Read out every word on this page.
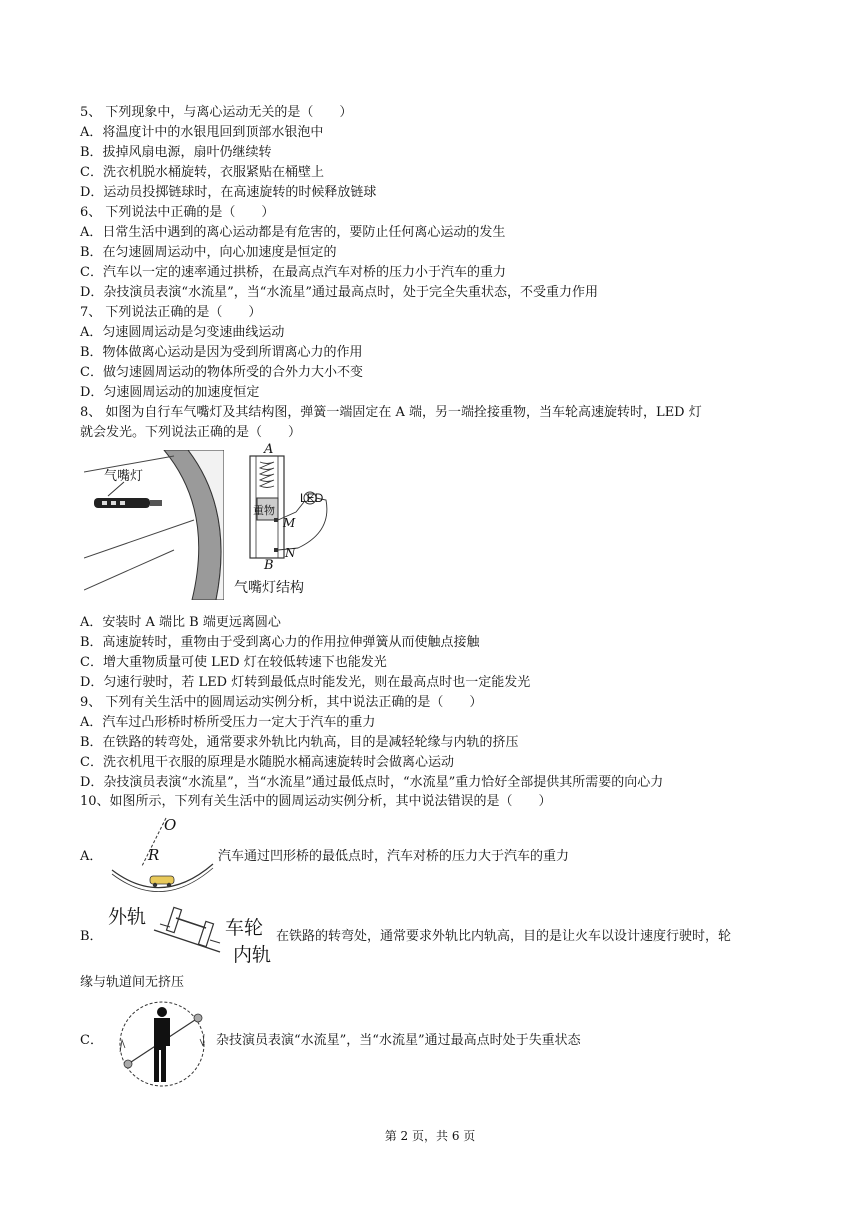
5、 下列现象中，与离心运动无关的是（　　）
A．将温度计中的水银甩回到顶部水银泡中
B．拔掉风扇电源，扇叶仍继续转
C．洗衣机脱水桶旋转，衣服紧贴在桶壁上
D．运动员投掷链球时，在高速旋转的时候释放链球
6、 下列说法中正确的是（　　）
A．日常生活中遇到的离心运动都是有危害的，要防止任何离心运动的发生
B．在匀速圆周运动中，向心加速度是恒定的
C．汽车以一定的速率通过拱桥，在最高点汽车对桥的压力小于汽车的重力
D．杂技演员表演“水流星”，当“水流星”通过最高点时，处于完全失重状态，不受重力作用
7、 下列说法正确的是（　　）
A．匀速圆周运动是匀变速曲线运动
B．物体做离心运动是因为受到所谓离心力的作用
C．做匀速圆周运动的物体所受的合外力大小不变
D．匀速圆周运动的加速度恒定
8、 如图为自行车气嘴灯及其结构图，弹簧一端固定在 A 端，另一端拴接重物，当车轮高速旋转时，LED 灯
就会发光。下列说法正确的是（　　）
气嘴灯
A
B
M
N
重物
LED
气嘴灯结构
A．安装时 A 端比 B 端更远离圆心
B．高速旋转时，重物由于受到离心力的作用拉伸弹簧从而使触点接触
C．增大重物质量可使 LED 灯在较低转速下也能发光
D．匀速行驶时，若 LED 灯转到最低点时能发光，则在最高点时也一定能发光
9、 下列有关生活中的圆周运动实例分析，其中说法正确的是（　　）
A．汽车过凸形桥时桥所受压力一定大于汽车的重力
B．在铁路的转弯处，通常要求外轨比内轨高，目的是减轻轮缘与内轨的挤压
C．洗衣机甩干衣服的原理是水随脱水桶高速旋转时会做离心运动
D．杂技演员表演“水流星”，当“水流星”通过最低点时，“水流星”重力恰好全部提供其所需要的向心力
10、如图所示，下列有关生活中的圆周运动实例分析，其中说法错误的是（　　）
A．
O
R	汽车通过凹形桥的最低点时，汽车对桥的压力大于汽车的重力
B．
外轨
车轮
内轨
在铁路的转弯处，通常要求外轨比内轨高，目的是让火车以设计速度行驶时，轮
缘与轨道间无挤压
C．	杂技演员表演“水流星”，当“水流星”通过最高点时处于失重状态
第 2 页，共 6 页
